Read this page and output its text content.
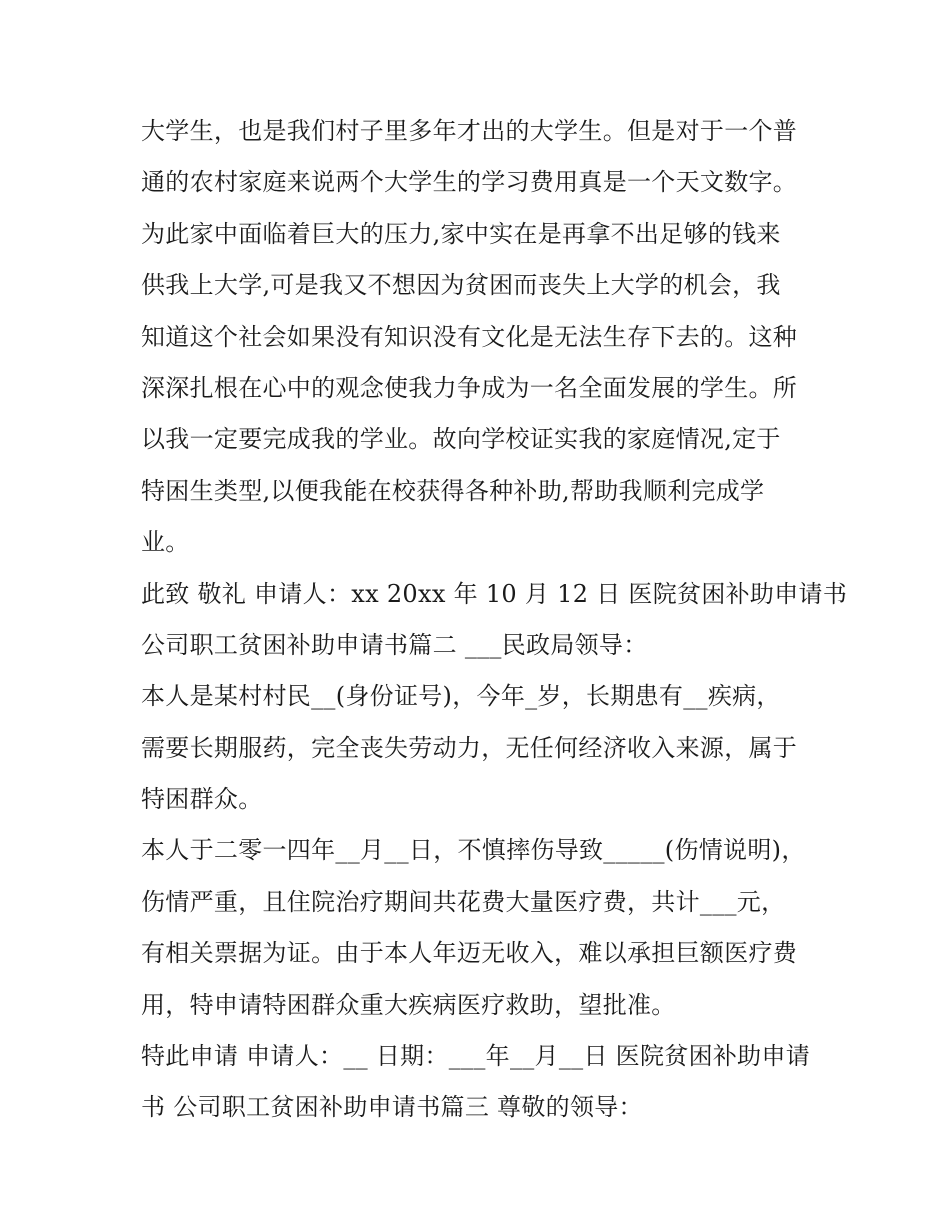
大学生，也是我们村子里多年才出的大学生。但是对于一个普
通的农村家庭来说两个大学生的学习费用真是一个天文数字。
为此家中面临着巨大的压力,家中实在是再拿不出足够的钱来
供我上大学,可是我又不想因为贫困而丧失上大学的机会，我
知道这个社会如果没有知识没有文化是无法生存下去的。这种
深深扎根在心中的观念使我力争成为一名全面发展的学生。所
以我一定要完成我的学业。故向学校证实我的家庭情况,定于
特困生类型,以便我能在校获得各种补助,帮助我顺利完成学
业。
此致 敬礼 申请人：xx 20xx 年 10 月 12 日 医院贫困补助申请书
公司职工贫困补助申请书篇二 ___民政局领导：
本人是某村村民__(身份证号)，今年_岁，长期患有__疾病，
需要长期服药，完全丧失劳动力，无任何经济收入来源，属于
特困群众。
本人于二零一四年__月__日，不慎摔伤导致_____(伤情说明)，
伤情严重，且住院治疗期间共花费大量医疗费，共计___元，
有相关票据为证。由于本人年迈无收入，难以承担巨额医疗费
用，特申请特困群众重大疾病医疗救助，望批准。
特此申请 申请人：__ 日期：___年__月__日 医院贫困补助申请
书 公司职工贫困补助申请书篇三 尊敬的领导：
